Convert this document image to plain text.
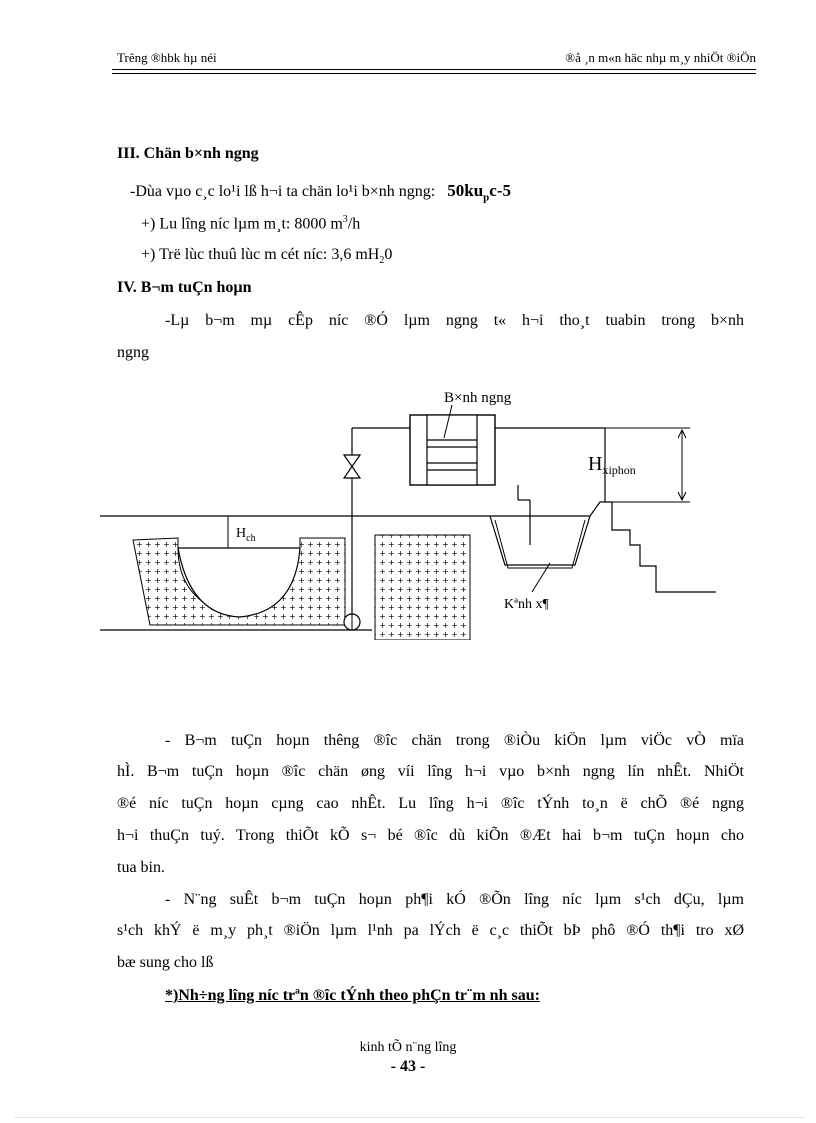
Trêng ®hbk hµ néi	®å ¸n m«n häc nhµ m¸y nhiÖt ®iÖn
III. Chän b×nh ngng
-Dùa vµo c¸c lo¹i lß h¬i ta chän lo¹i b×nh ngng: $50ku_pc-5$
+) Lu lîng níc lµm m¸t: 8000 $m^3/h$
+) Trë lùc thuû lùc m cét níc: 3,6 $mH_20$
IV. B¬m tuÇn hoµn
-Lµ b¬m mµ cÊp níc ®Ó lµm ngng t« h¬i tho¸t tuabin trong b×nh
ngng
$H_{ch}$
B×nh ngng
$H_{xiphon}$
Kªnh x¶
- B¬m tuÇn hoµn thêng ®îc chän trong ®iÒu kiÖn lµm viÖc vÒ mïa
hÌ. B¬m tuÇn hoµn ®îc chän øng víi lîng h¬i vµo b×nh ngng lín nhÊt. NhiÖt
®é níc tuÇn hoµn cµng cao nhÊt. Lu lîng h¬i ®îc tÝnh to¸n ë chÕ ®é ngng
h¬i thuÇn tuý. Trong thiÕt kÕ s¬ bé ®îc dù kiÕn ®Æt hai b¬m tuÇn hoµn cho
tua bin.
- N¨ng suÊt b¬m tuÇn hoµn ph¶i kÓ ®Õn lîng níc lµm s¹ch dÇu, lµm
s¹ch khÝ ë m¸y ph¸t ®iÖn lµm l¹nh pa lÝch ë c¸c thiÕt bÞ phô ®Ó th¶i tro xØ
bæ sung cho lß
*)Nh÷ng lîng níc trªn ®îc tÝnh theo phÇn tr¨m nh sau:
kinh tÕ n¨ng lîng
- 43 -
